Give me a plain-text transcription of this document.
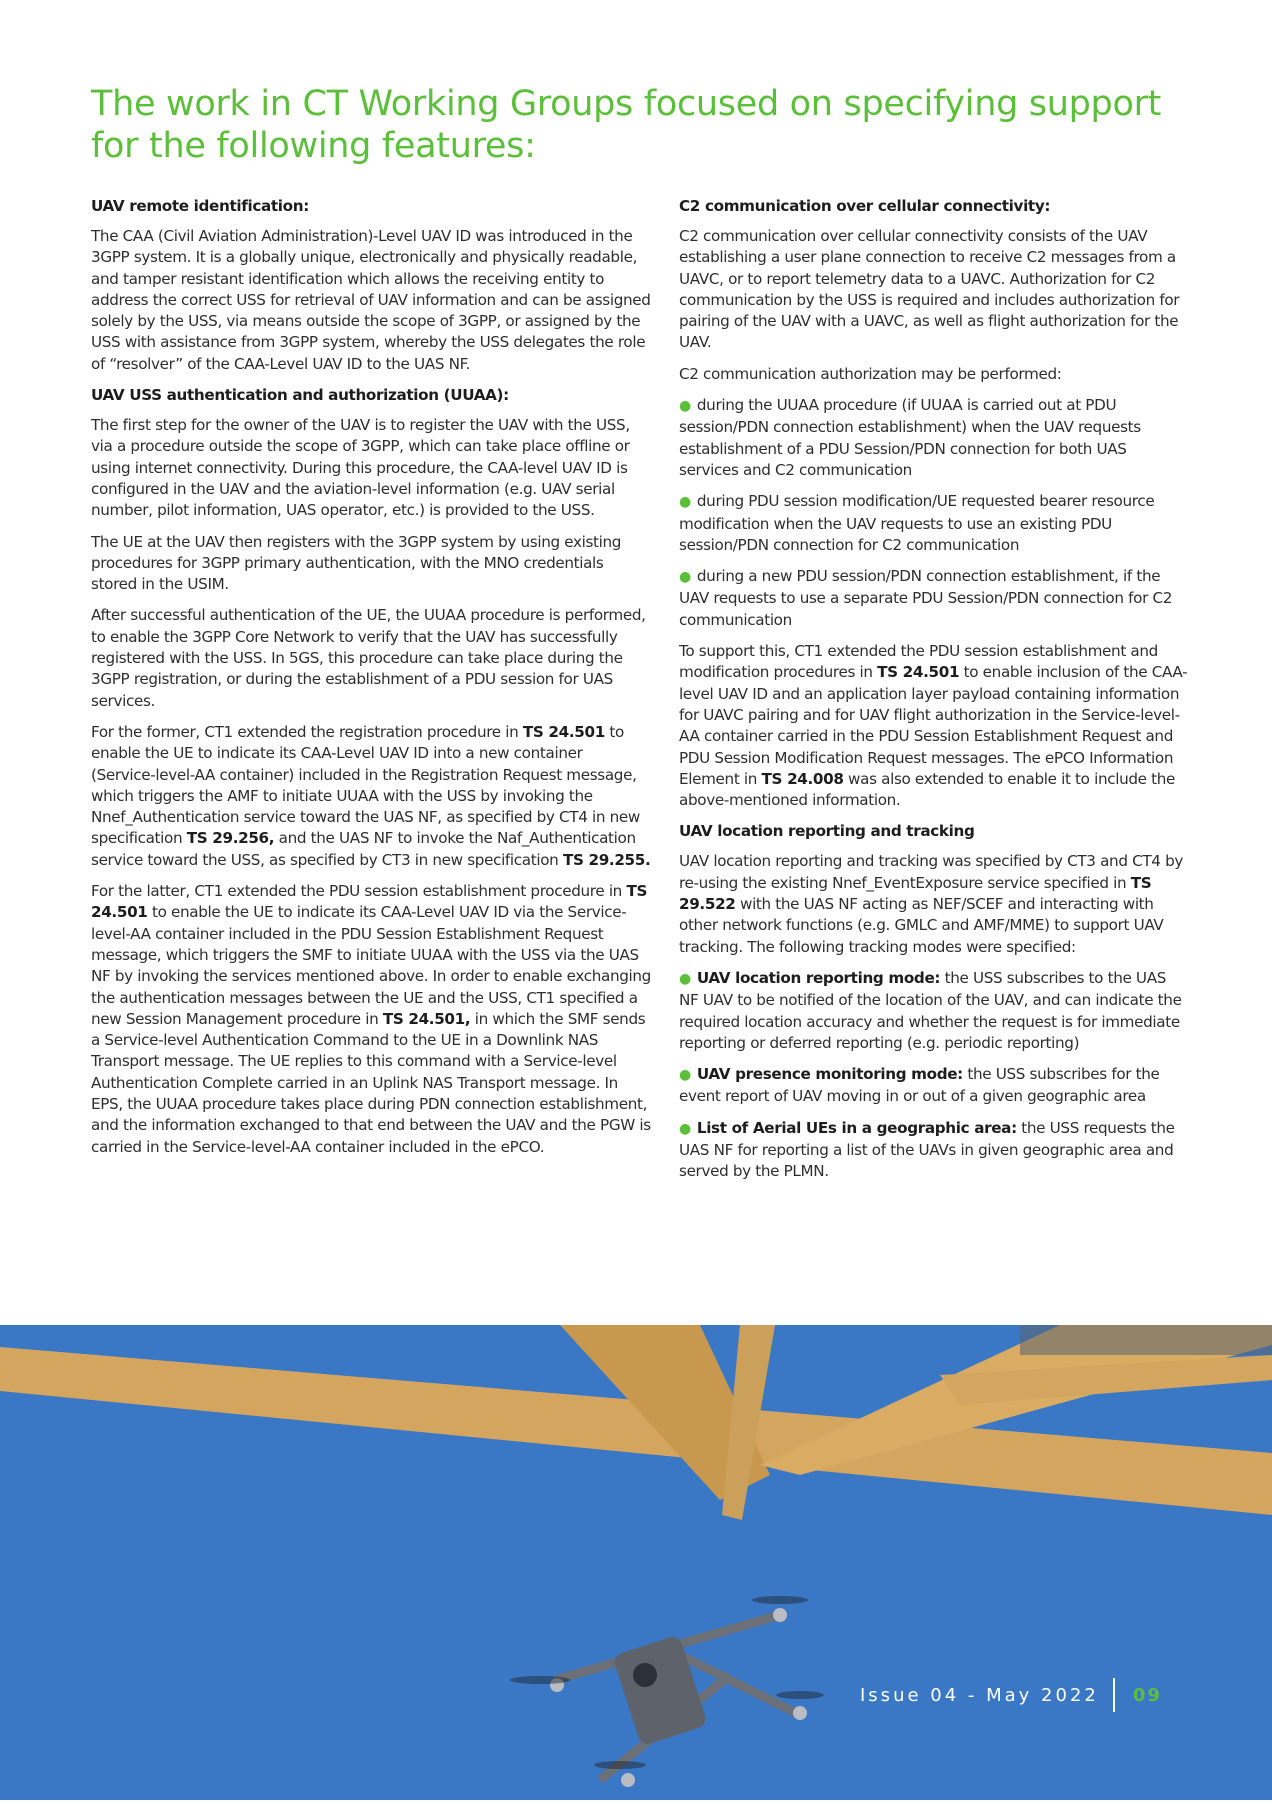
The work in CT Working Groups focused on specifying support for the following features:
UAV remote identification:

The CAA (Civil Aviation Administration)-Level UAV ID was introduced in the 3GPP system. It is a globally unique, electronically and physically readable, and tamper resistant identification which allows the receiving entity to address the correct USS for retrieval of UAV information and can be assigned solely by the USS, via means outside the scope of 3GPP, or assigned by the USS with assistance from 3GPP system, whereby the USS delegates the role of “resolver” of the CAA-Level UAV ID to the UAS NF.

UAV USS authentication and authorization (UUAA):

The first step for the owner of the UAV is to register the UAV with the USS, via a procedure outside the scope of 3GPP, which can take place offline or using internet connectivity. During this procedure, the CAA-level UAV ID is configured in the UAV and the aviation-level information (e.g. UAV serial number, pilot information, UAS operator, etc.) is provided to the USS.

The UE at the UAV then registers with the 3GPP system by using existing procedures for 3GPP primary authentication, with the MNO credentials stored in the USIM.

After successful authentication of the UE, the UUAA procedure is performed, to enable the 3GPP Core Network to verify that the UAV has successfully registered with the USS. In 5GS, this procedure can take place during the 3GPP registration, or during the establishment of a PDU session for UAS services.

For the former, CT1 extended the registration procedure in TS 24.501 to enable the UE to indicate its CAA-Level UAV ID into a new container (Service-level-AA container) included in the Registration Request message, which triggers the AMF to initiate UUAA with the USS by invoking the Nnef_Authentication service toward the UAS NF, as specified by CT4 in new specification TS 29.256, and the UAS NF to invoke the Naf_Authentication service toward the USS, as specified by CT3 in new specification TS 29.255.

For the latter, CT1 extended the PDU session establishment procedure in TS 24.501 to enable the UE to indicate its CAA-Level UAV ID via the Service-level-AA container included in the PDU Session Establishment Request message, which triggers the SMF to initiate UUAA with the USS via the UAS NF by invoking the services mentioned above. In order to enable exchanging the authentication messages between the UE and the USS, CT1 specified a new Session Management procedure in TS 24.501, in which the SMF sends a Service-level Authentication Command to the UE in a Downlink NAS Transport message. The UE replies to this command with a Service-level Authentication Complete carried in an Uplink NAS Transport message. In EPS, the UUAA procedure takes place during PDN connection establishment, and the information exchanged to that end between the UAV and the PGW is carried in the Service-level-AA container included in the ePCO.

C2 communication over cellular connectivity:

C2 communication over cellular connectivity consists of the UAV establishing a user plane connection to receive C2 messages from a UAVC, or to report telemetry data to a UAVC. Authorization for C2 communication by the USS is required and includes authorization for pairing of the UAV with a UAVC, as well as flight authorization for the UAV.

C2 communication authorization may be performed:

● during the UUAA procedure (if UUAA is carried out at PDU session/PDN connection establishment) when the UAV requests establishment of a PDU Session/PDN connection for both UAS services and C2 communication

● during PDU session modification/UE requested bearer resource modification when the UAV requests to use an existing PDU session/PDN connection for C2 communication

● during a new PDU session/PDN connection establishment, if the UAV requests to use a separate PDU Session/PDN connection for C2 communication

To support this, CT1 extended the PDU session establishment and modification procedures in TS 24.501 to enable inclusion of the CAA-level UAV ID and an application layer payload containing information for UAVC pairing and for UAV flight authorization in the Service-level-AA container carried in the PDU Session Establishment Request and PDU Session Modification Request messages. The ePCO Information Element in TS 24.008 was also extended to enable it to include the above-mentioned information.

UAV location reporting and tracking

UAV location reporting and tracking was specified by CT3 and CT4 by re-using the existing Nnef_EventExposure service specified in TS 29.522 with the UAS NF acting as NEF/SCEF and interacting with other network functions (e.g. GMLC and AMF/MME) to support UAV tracking. The following tracking modes were specified:

● UAV location reporting mode: the USS subscribes to the UAS NF UAV to be notified of the location of the UAV, and can indicate the required location accuracy and whether the request is for immediate reporting or deferred reporting (e.g. periodic reporting)

● UAV presence monitoring mode: the USS subscribes for the event report of UAV moving in or out of a given geographic area

● List of Aerial UEs in a geographic area: the USS requests the UAS NF for reporting a list of the UAVs in given geographic area and served by the PLMN.

Issue 04 - May 2022 09
